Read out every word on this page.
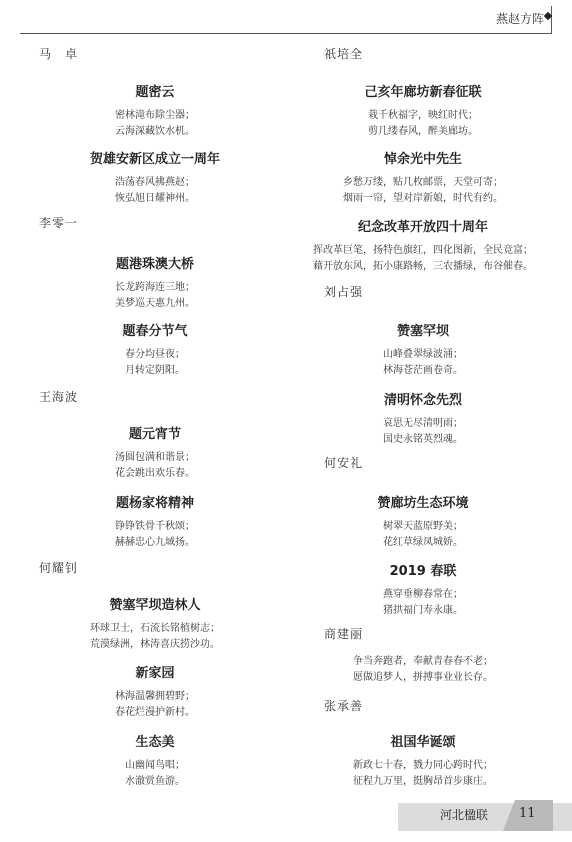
燕赵方阵
马　卓
题密云
密林滝布除尘器；
云海深藏饮水机。
贺雄安新区成立一周年
浩荡春风拂燕赵；
恢弘旭日耀神州。
李零一
题港珠澳大桥
长龙跨海连三地；
美梦巡天惠九州。
题春分节气
春分均昼夜；
月转定阴阳。
王海波
题元宵节
汤圆包满和谐景；
花会跳出欢乐春。
题杨家将精神
铮铮铁骨千秋颂；
赫赫忠心九域扬。
何耀钊
赞塞罕坝造林人
环球卫士，石流长铭植树志；
荒漠绿洲，林涛喜庆捞沙功。
新家园
林海温馨拥碧野；
春花烂漫护新村。
生态美
山幽闻鸟唱；
水澈赏鱼游。
祇培全
己亥年廊坊新春征联
栽千秋福字，映红时代；
剪几缕春风，醉美廊坊。
悼余光中先生
乡愁万缕，贴几枚邮票，天堂可寄；
烟雨一帘，望对岸新娘，时代有约。
纪念改革开放四十周年
挥改革巨笔，扬特色旗红，四化图新，全民竞富；
藉开放东风，拓小康路畅，三农播绿，布谷催春。
刘占强
赞塞罕坝
山峰叠翠绿波涌；
林海苍茫画卷奇。
清明怀念先烈
哀思无尽清明雨；
国史永铭英烈魂。
何安礼
赞廊坊生态环境
树翠天蓝原野美；
花红草绿凤城娇。
2019 春联
燕穿垂柳春常在；
猪拱福门寿永康。
商建丽
争当奔跑者，奉献青春春不老；
愿做追梦人，拼搏事业业长存。
张承善
祖国华诞颂
新政七十春，戮力同心跨时代；
征程九万里，挺胸昂首步康庄。
河北楹联 11
